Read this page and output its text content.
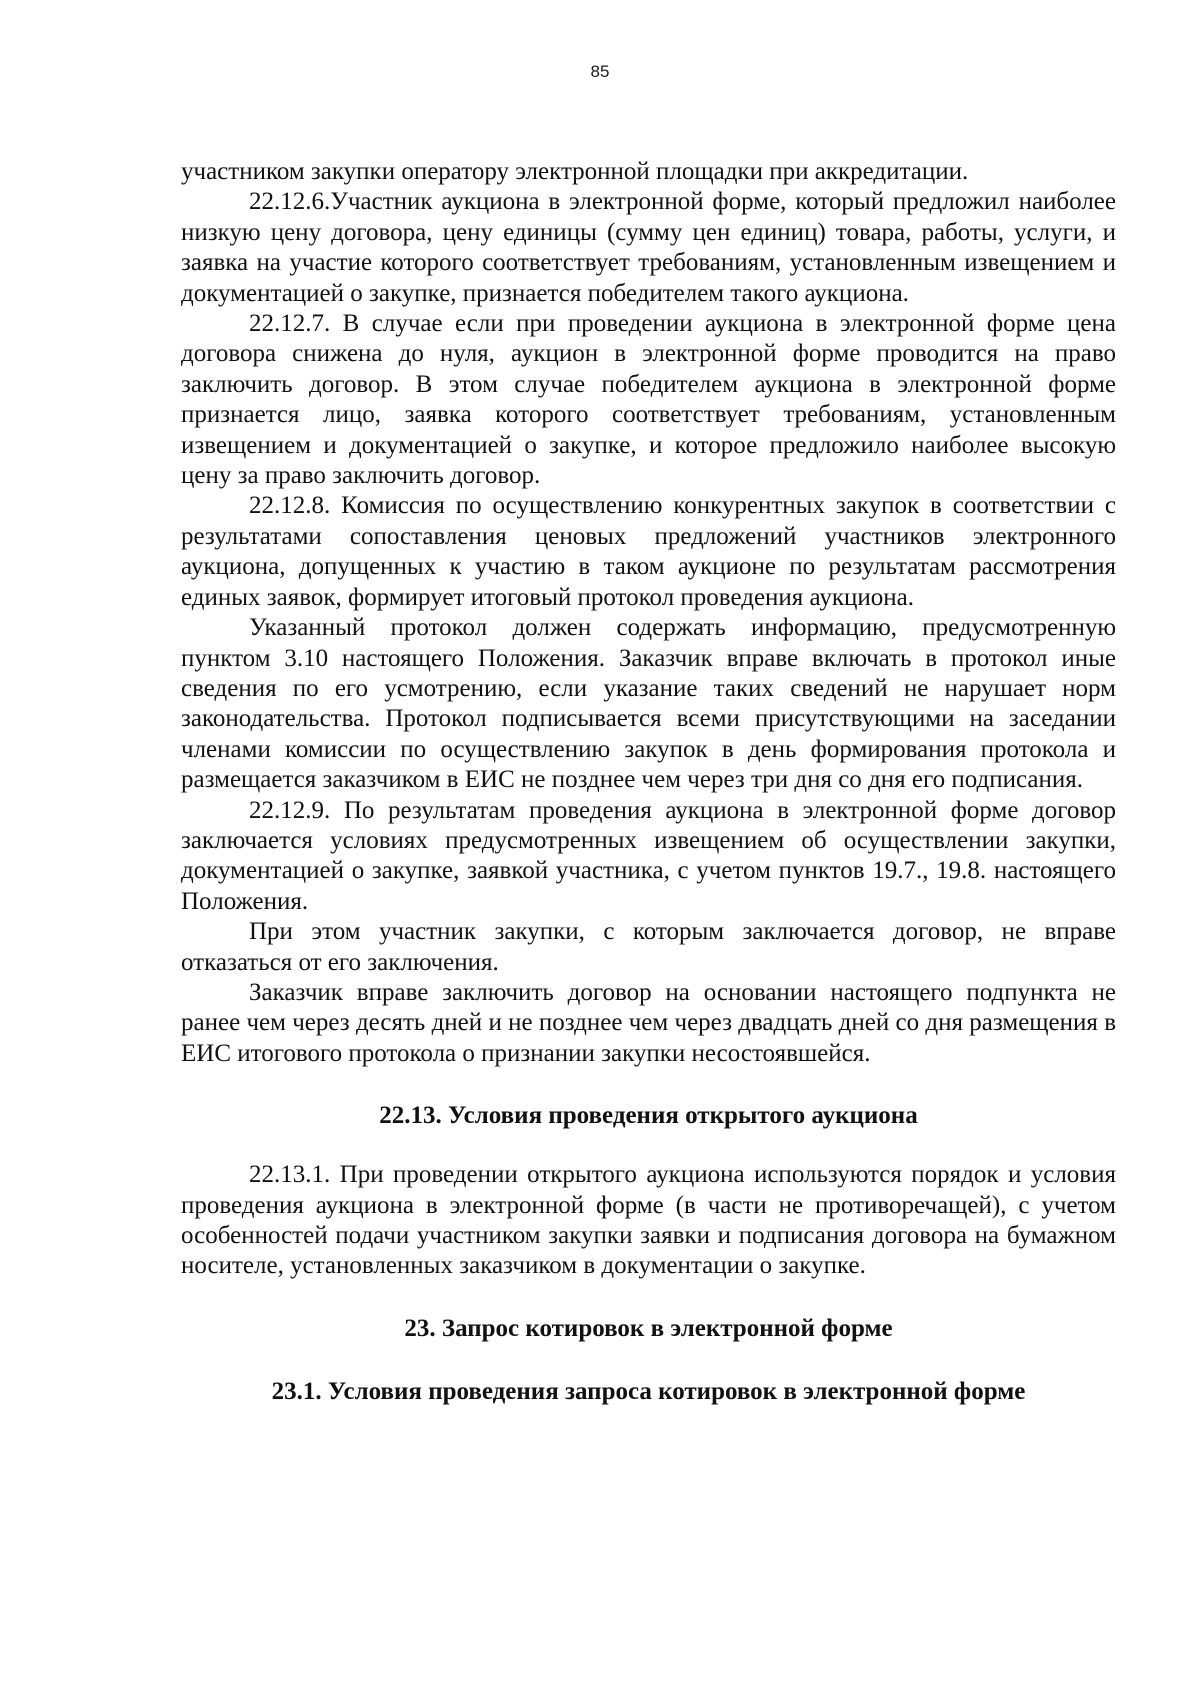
85

участником закупки оператору электронной площадки при аккредитации.

22.12.6.Участник аукциона в электронной форме, который предложил наиболее низкую цену договора, цену единицы (сумму цен единиц) товара, работы, услуги, и заявка на участие которого соответствует требованиям, установленным извещением и документацией о закупке, признается победителем такого аукциона.

22.12.7. В случае если при проведении аукциона в электронной форме цена договора снижена до нуля, аукцион в электронной форме проводится на право заключить договор. В этом случае победителем аукциона в электронной форме признается лицо, заявка которого соответствует требованиям, установленным извещением и документацией о закупке, и которое предложило наиболее высокую цену за право заключить договор.

22.12.8. Комиссия по осуществлению конкурентных закупок в соответствии с результатами сопоставления ценовых предложений участников электронного аукциона, допущенных к участию в таком аукционе по результатам рассмотрения единых заявок, формирует итоговый протокол проведения аукциона.

Указанный протокол должен содержать информацию, предусмотренную пунктом 3.10 настоящего Положения. Заказчик вправе включать в протокол иные сведения по его усмотрению, если указание таких сведений не нарушает норм законодательства. Протокол подписывается всеми присутствующими на заседании членами комиссии по осуществлению закупок в день формирования протокола и размещается заказчиком в ЕИС не позднее чем через три дня со дня его подписания.

22.12.9. По результатам проведения аукциона в электронной форме договор заключается условиях предусмотренных извещением об осуществлении закупки, документацией о закупке, заявкой участника, с учетом пунктов 19.7., 19.8. настоящего Положения.

При этом участник закупки, с которым заключается договор, не вправе отказаться от его заключения.

Заказчик вправе заключить договор на основании настоящего подпункта не ранее чем через десять дней и не позднее чем через двадцать дней со дня размещения в ЕИС итогового протокола о признании закупки несостоявшейся.

22.13. Условия проведения открытого аукциона

22.13.1. При проведении открытого аукциона используются порядок и условия проведения аукциона в электронной форме (в части не противоречащей), с учетом особенностей подачи участником закупки заявки и подписания договора на бумажном носителе, установленных заказчиком в документации о закупке.

23. Запрос котировок в электронной форме
23.1. Условия проведения запроса котировок в электронной форме
